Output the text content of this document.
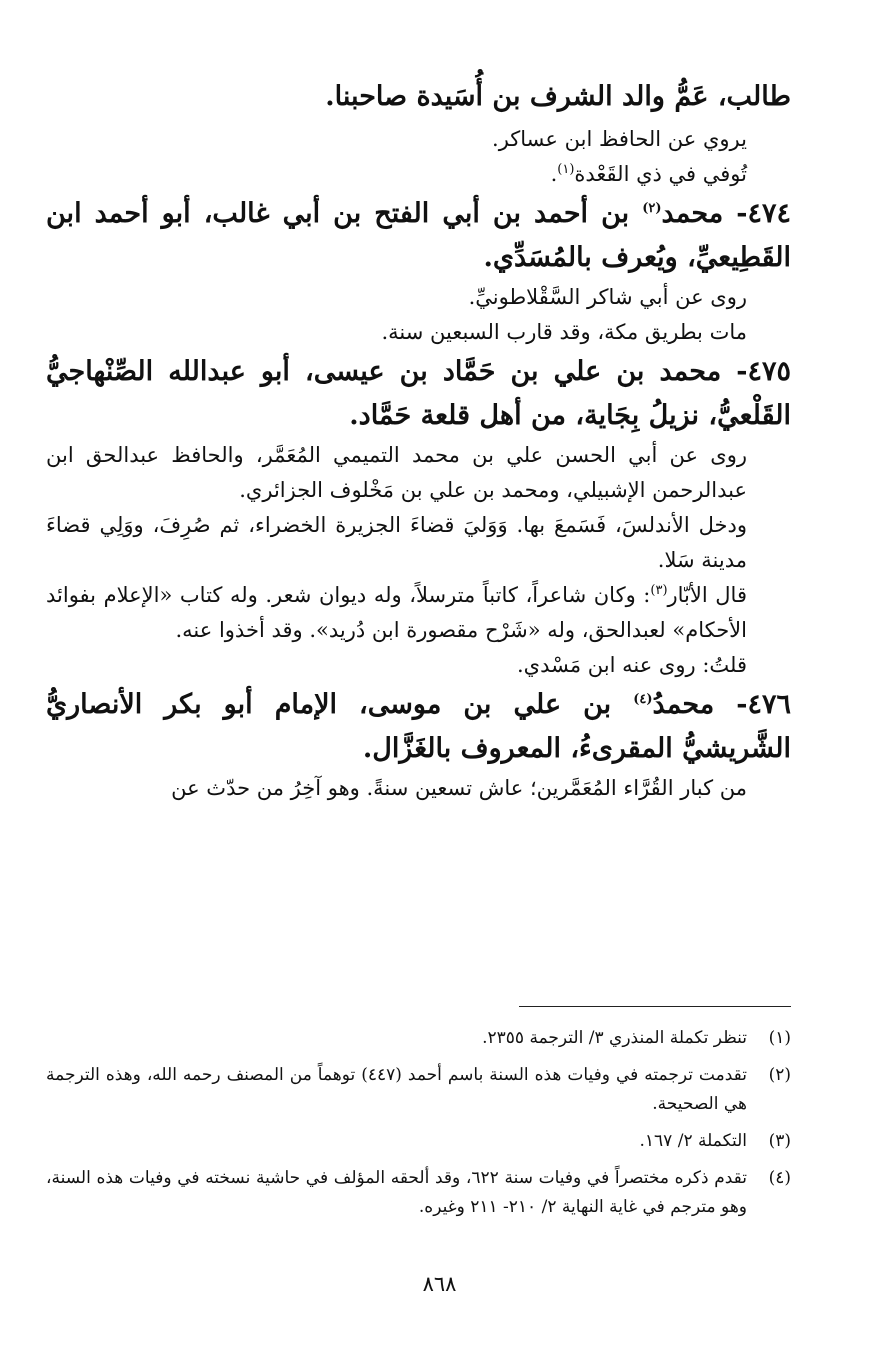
طالب، عَمُّ والد الشرف بن أُسَيدة صاحبنا.

يروي عن الحافظ ابن عساكر.

تُوفي في ذي القَعْدة$^{(١)}$.

٤٧٤- محمد$^{(٢)}$ بن أحمد بن أبي الفتح بن أبي غالب، أبو أحمد ابن القَطِيعيِّ، ويُعرف بالمُسَدِّي.

روى عن أبي شاكر السَّقْلاطونيِّ.

مات بطريق مكة، وقد قارب السبعين سنة.

٤٧٥- محمد بن علي بن حَمَّاد بن عيسى، أبو عبدالله الصِّنْهاجيُّ القَلْعيُّ، نزيلُ بِجَاية، من أهل قلعة حَمَّاد.

روى عن أبي الحسن علي بن محمد التميمي المُعَمَّر، والحافظ عبدالحق ابن عبدالرحمن الإشبيلي، ومحمد بن علي بن مَخْلوف الجزائري.

ودخل الأندلسَ، فَسَمعَ بها. وَوَليَ قضاءَ الجزيرة الخضراء، ثم صُرِفَ، ووَلِي قضاءَ مدينة سَلا.

قال الأبّار$^{(٣)}$: وكان شاعراً، كاتباً مترسلاً، وله ديوان شعر. وله كتاب «الإعلام بفوائد الأحكام» لعبدالحق، وله «شَرْح مقصورة ابن دُريد». وقد أخذوا عنه.

قلتُ: روى عنه ابن مَسْدي.

٤٧٦- محمدُ$^{(٤)}$ بن علي بن موسى، الإمام أبو بكر الأنصاريُّ الشَّريشيُّ المقرىءُ، المعروف بالغَزَّال.

من كبار القُرَّاء المُعَمَّرين؛ عاش تسعين سنةً. وهو آخِرُ من حدّث عن

(١)
تنظر تكملة المنذري ٣/ الترجمة ٢٣٥٥.
(٢)
تقدمت ترجمته في وفيات هذه السنة باسم أحمد (٤٤٧) توهماً من المصنف رحمه الله، وهذه الترجمة هي الصحيحة.
(٣)
التكملة ٢/ ١٦٧.
(٤)
تقدم ذكره مختصراً في وفيات سنة ٦٢٢، وقد ألحقه المؤلف في حاشية نسخته في وفيات هذه السنة، وهو مترجم في غاية النهاية ٢/ ٢١٠- ٢١١ وغيره.
٨٦٨
